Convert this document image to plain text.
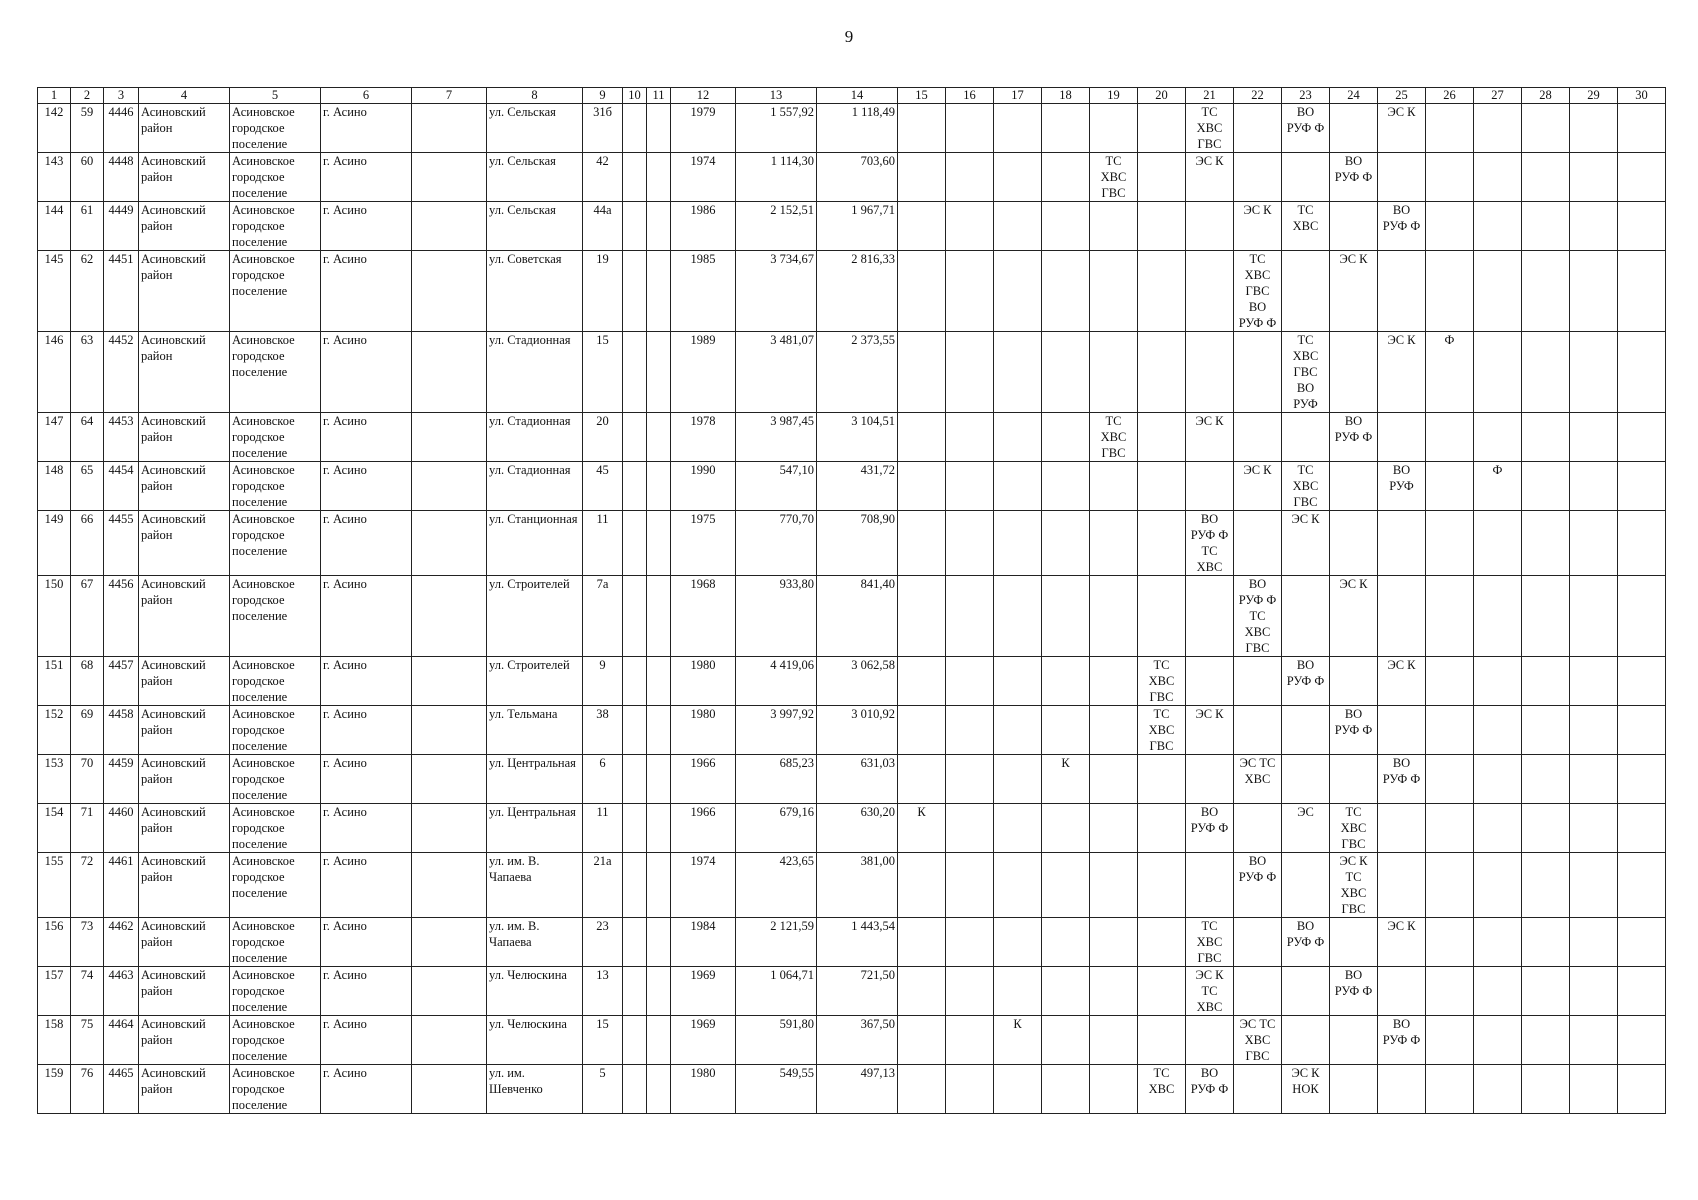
9
1	2	3	4	5	6	7	8	9	10	11	12	13	14	15	16	17	18	19	20	21	22	23	24	25	26	27	28	29	30
142	59	4446	Асиновский
район	Асиновское
городское
поселение	г. Асино		ул. Сельская	31б			1979	1 557,92	1 118,49							ТС
ХВС
ГВС		ВО
РУФ Ф		ЭС К					

143	60	4448	Асиновский
район	Асиновское
городское
поселение	г. Асино		ул. Сельская	42			1974	1 114,30	703,60					ТС
ХВС
ГВС		ЭС К			ВО
РУФ Ф						

144	61	4449	Асиновский
район	Асиновское
городское
поселение	г. Асино		ул. Сельская	44а			1986	2 152,51	1 967,71								ЭС К	ТС
ХВС		ВО
РУФ Ф					

145	62	4451	Асиновский
район	Асиновское
городское
поселение	г. Асино		ул. Советская	19			1985	3 734,67	2 816,33								ТС
ХВС
ГВС
ВО
РУФ Ф		ЭС К						

146	63	4452	Асиновский
район	Асиновское
городское
поселение	г. Асино		ул. Стадионная	15			1989	3 481,07	2 373,55									ТС
ХВС
ГВС
ВО
РУФ		ЭС К	Ф				

147	64	4453	Асиновский
район	Асиновское
городское
поселение	г. Асино		ул. Стадионная	20			1978	3 987,45	3 104,51					ТС
ХВС
ГВС		ЭС К			ВО
РУФ Ф						

148	65	4454	Асиновский
район	Асиновское
городское
поселение	г. Асино		ул. Стадионная	45			1990	547,10	431,72								ЭС К	ТС
ХВС
ГВС		ВО
РУФ		Ф			

149	66	4455	Асиновский
район	Асиновское
городское
поселение	г. Асино		ул. Станционная	11			1975	770,70	708,90							ВО
РУФ Ф
ТС
ХВС		ЭС К							

150	67	4456	Асиновский
район	Асиновское
городское
поселение	г. Асино		ул. Строителей	7а			1968	933,80	841,40								ВО
РУФ Ф
ТС
ХВС
ГВС		ЭС К						

151	68	4457	Асиновский
район	Асиновское
городское
поселение	г. Асино		ул. Строителей	9			1980	4 419,06	3 062,58						ТС
ХВС
ГВС			ВО
РУФ Ф		ЭС К					

152	69	4458	Асиновский
район	Асиновское
городское
поселение	г. Асино		ул. Тельмана	38			1980	3 997,92	3 010,92						ТС
ХВС
ГВС	ЭС К			ВО
РУФ Ф						

153	70	4459	Асиновский
район	Асиновское
городское
поселение	г. Асино		ул. Центральная	6			1966	685,23	631,03				К				ЭС ТС
ХВС			ВО
РУФ Ф					

154	71	4460	Асиновский
район	Асиновское
городское
поселение	г. Асино		ул. Центральная	11			1966	679,16	630,20	К						ВО
РУФ Ф		ЭС	ТС
ХВС
ГВС						

155	72	4461	Асиновский
район	Асиновское
городское
поселение	г. Асино		ул. им. В.
Чапаева	21а			1974	423,65	381,00								ВО
РУФ Ф		ЭС К
ТС
ХВС
ГВС						

156	73	4462	Асиновский
район	Асиновское
городское
поселение	г. Асино		ул. им. В.
Чапаева	23			1984	2 121,59	1 443,54							ТС
ХВС
ГВС		ВО
РУФ Ф		ЭС К					

157	74	4463	Асиновский
район	Асиновское
городское
поселение	г. Асино		ул. Челюскина	13			1969	1 064,71	721,50							ЭС К
ТС
ХВС			ВО
РУФ Ф						

158	75	4464	Асиновский
район	Асиновское
городское
поселение	г. Асино		ул. Челюскина	15			1969	591,80	367,50			К					ЭС ТС
ХВС
ГВС			ВО
РУФ Ф					

159	76	4465	Асиновский
район	Асиновское
городское
поселение	г. Асино		ул. им.
Шевченко	5			1980	549,55	497,13						ТС
ХВС	ВО
РУФ Ф		ЭС К
НОК							
